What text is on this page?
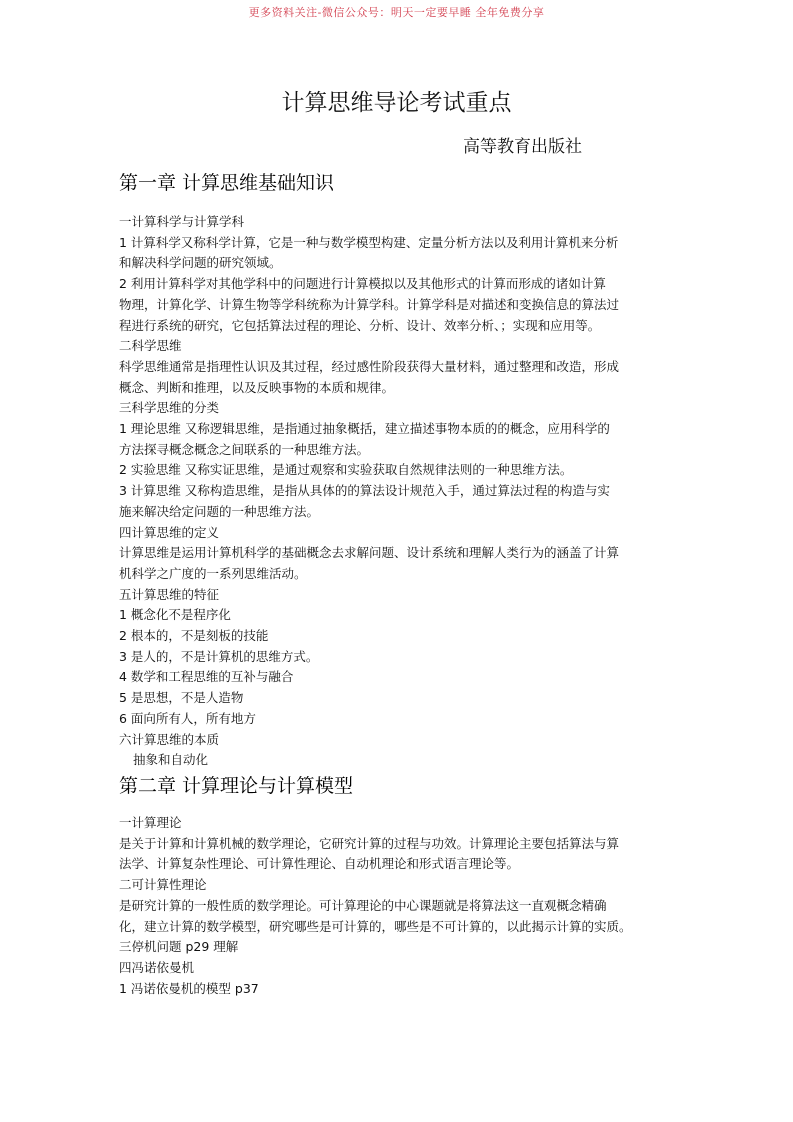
更多资料关注-微信公众号：明天一定要早睡 全年免费分享
计算思维导论考试重点
高等教育出版社
第一章 计算思维基础知识
一计算科学与计算学科
1 计算科学又称科学计算，它是一种与数学模型构建、定量分析方法以及利用计算机来分析
和解决科学问题的研究领域。
2 利用计算科学对其他学科中的问题进行计算模拟以及其他形式的计算而形成的诸如计算
物理，计算化学、计算生物等学科统称为计算学科。计算学科是对描述和变换信息的算法过
程进行系统的研究，它包括算法过程的理论、分析、设计、效率分析、；实现和应用等。
二科学思维
科学思维通常是指理性认识及其过程，经过感性阶段获得大量材料，通过整理和改造，形成
概念、判断和推理，以及反映事物的本质和规律。
三科学思维的分类
1 理论思维 又称逻辑思维，是指通过抽象概括，建立描述事物本质的的概念，应用科学的
方法探寻概念概念之间联系的一种思维方法。
2 实验思维 又称实证思维，是通过观察和实验获取自然规律法则的一种思维方法。
3 计算思维 又称构造思维，是指从具体的的算法设计规范入手，通过算法过程的构造与实
施来解决给定问题的一种思维方法。
四计算思维的定义
计算思维是运用计算机科学的基础概念去求解问题、设计系统和理解人类行为的涵盖了计算
机科学之广度的一系列思维活动。
五计算思维的特征
1 概念化不是程序化
2 根本的，不是刻板的技能
3 是人的，不是计算机的思维方式。
4 数学和工程思维的互补与融合
5 是思想，不是人造物
6 面向所有人，所有地方
六计算思维的本质
抽象和自动化
第二章 计算理论与计算模型
一计算理论
是关于计算和计算机械的数学理论，它研究计算的过程与功效。计算理论主要包括算法与算
法学、计算复杂性理论、可计算性理论、自动机理论和形式语言理论等。
二可计算性理论
是研究计算的一般性质的数学理论。可计算理论的中心课题就是将算法这一直观概念精确
化，建立计算的数学模型，研究哪些是可计算的，哪些是不可计算的，以此揭示计算的实质。
三停机问题 p29 理解
四冯诺依曼机
1 冯诺依曼机的模型 p37
